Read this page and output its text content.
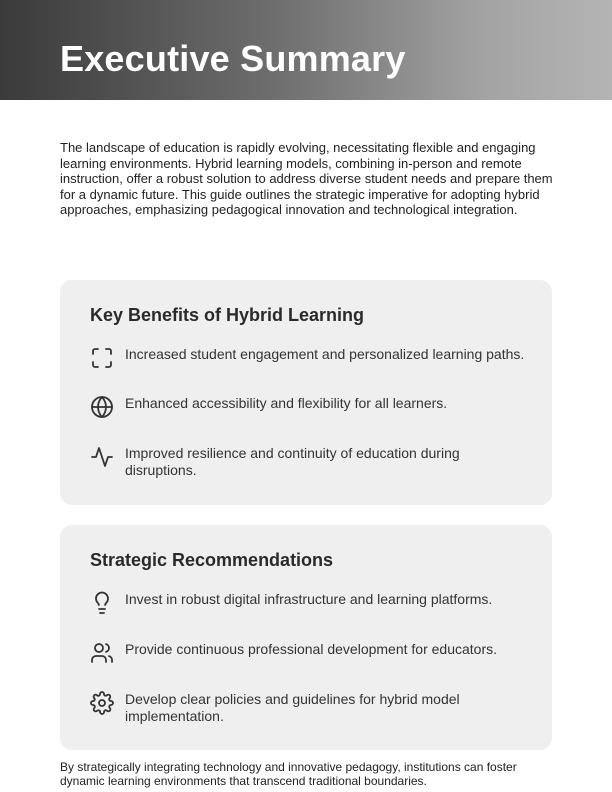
Executive Summary

The landscape of education is rapidly evolving, necessitating flexible and engaging learning environments. Hybrid learning models, combining in-person and remote instruction, offer a robust solution to address diverse student needs and prepare them for a dynamic future. This guide outlines the strategic imperative for adopting hybrid approaches, emphasizing pedagogical innovation and technological integration.

Key Benefits of Hybrid Learning
Increased student engagement and personalized learning paths.
Enhanced accessibility and flexibility for all learners.
Improved resilience and continuity of education during disruptions.
Strategic Recommendations
Invest in robust digital infrastructure and learning platforms.
Provide continuous professional development for educators.
Develop clear policies and guidelines for hybrid model implementation.

By strategically integrating technology and innovative pedagogy, institutions can foster dynamic learning environments that transcend traditional boundaries.
